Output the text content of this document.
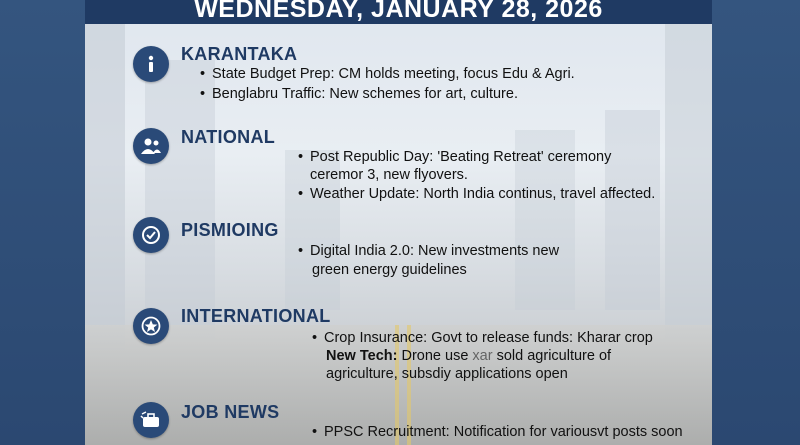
WEDNESDAY, JANUARY 28, 2026
KARANTAKA
• State Budget Prep: CM holds meeting, focus Edu & Agri.
• Benglabru Traffic: New schemes for art, culture.
NATIONAL
• Post Republic Day: 'Beating Retreat' ceremony
ceremor 3, new flyovers.
• Weather Update: North India continus, travel affected.
PISMIOING
• Digital India 2.0: New investments new
green energy guidelines
INTERNATIONAL
• Crop Insurance: Govt to release funds: Kharar crop
New Tech: Drone use xar sold agriculture of
agriculture, subsdiy applications open
JOB NEWS
• PPSC Recruitment: Notification for variousvt posts soon
